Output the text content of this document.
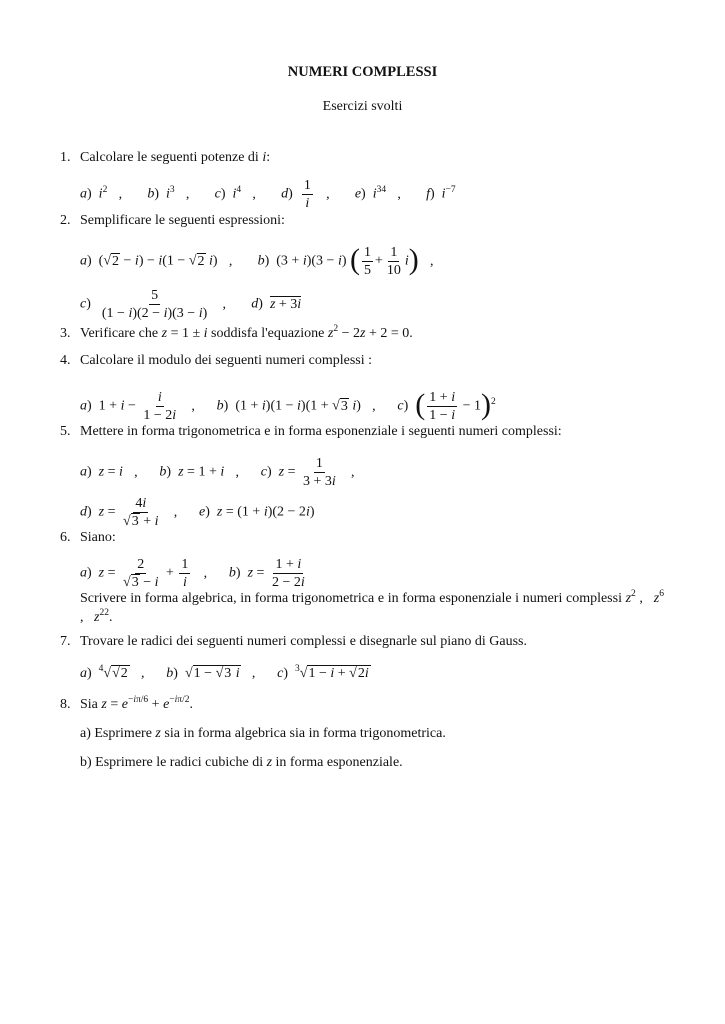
NUMERI COMPLESSI
Esercizi svolti
1. Calcolare le seguenti potenze di i:
a)  $i^2$ , b)  $i^3$ , c)  $i^4$ , $d) \frac{1}{i}$ , e)  $i^{34}$ , f)  $i^{-7}$
2. Semplificare le seguenti espressioni:
a)  (√2 − i) − i(1 − √2 i) , b)  (3 + i)(3 − i) ( $\frac{1}{5} + \frac{1}{10} i$) ,
$c) \frac{5}{(1 - i)(2 - i)(3 - i)}$ , d)  z + 3i
3. Verificare che z = 1 ± i soddisfa l'equazione $z^2 - 2z + 2 = 0$.
4. Calcolare il modulo dei seguenti numeri complessi :
a)  $1 + i - \frac{i}{1 - 2i}$ , b)  (1 + i)(1 − i)(1 + √3 i) , c)  ( $\frac{1 + i}{1 - i} - 1)^2$
5. Mettere in forma trigonometrica e in forma esponenziale i seguenti numeri complessi:
a)  z = i , b)  z = 1 + i , c)  $z = \frac{1}{3 + 3i}$ ,
d)  $z = \frac{4i}{√3 + i}$ , e)  z = (1 + i)(2 − 2i)
6. Siano:
a)  $z = \frac{2}{√3 - i} + \frac{1}{i}$ , b)  $z = \frac{1 + i}{2 - 2i}$
Scrivere in forma algebrica, in forma trigonometrica e in forma esponenziale i numeri complessi $z^2$ ,   $z^6$ ,   $z^{22}$.
7. Trovare le radici dei seguenti numeri complessi e disegnarle sul piano di Gauss.
a)  $^4$√√2 , b)  √1 − √3 i , c)  $^3$√1 − i + √2i
8. Sia $z = e^{-i\pi/6} + e^{-i\pi/2}$.
a) Esprimere z sia in forma algebrica sia in forma trigonometrica.
b) Esprimere le radici cubiche di z in forma esponenziale.
